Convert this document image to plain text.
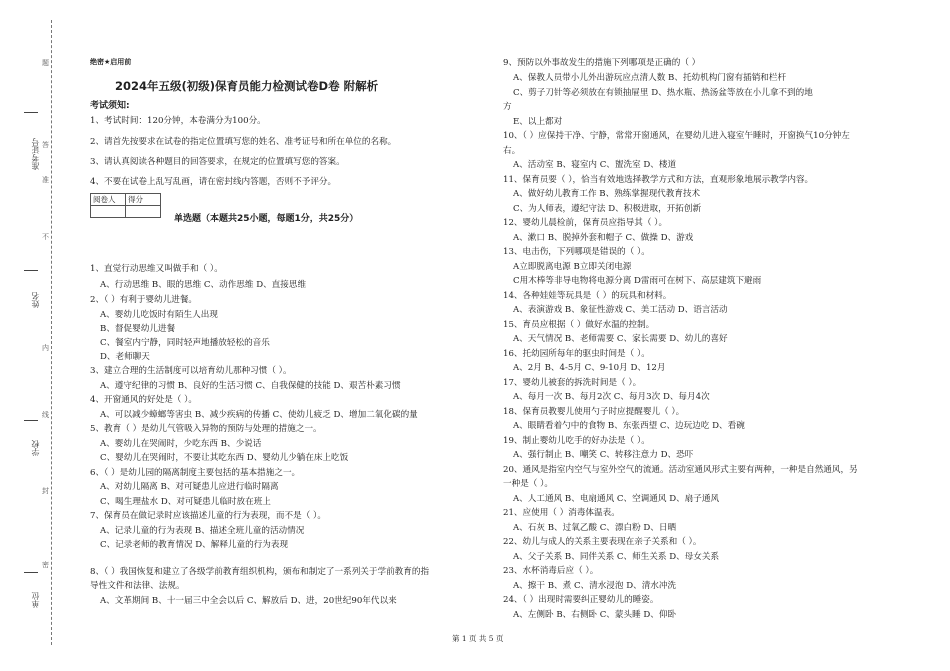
题
答
准
不
内
线
封
密
准考证号
姓名
学校
单位
绝密★启用前
2024年五级(初级)保育员能力检测试卷D卷 附解析
考试须知:
1、考试时间：120分钟，本卷满分为100分。
2、请首先按要求在试卷的指定位置填写您的姓名、准考证号和所在单位的名称。
3、请认真阅读各种题目的回答要求，在规定的位置填写您的答案。
4、不要在试卷上乱写乱画，请在密封线内答题，否则不予评分。
阅卷人	得分

单选题（本题共25小题，每题1分，共25分）
1、直觉行动思维又叫做手和（ ）。
A、行动思维 B、眼的思维 C、动作思维 D、直接思维
2、（ ）有利于婴幼儿进餐。
A、婴幼儿吃饭时有陌生人出现
B、督促婴幼儿进餐
C、餐室内宁静，同时轻声地播放轻松的音乐
D、老师聊天
3、建立合理的生活制度可以培育幼儿那种习惯（ ）。
A、遵守纪律的习惯 B、良好的生活习惯 C、自我保健的技能 D、艰苦朴素习惯
4、开窗通风的好处是（ ）。
A、可以减少蟑螂等害虫 B、减少疾病的传播 C、使幼儿疲乏 D、增加二氧化碳的量
5、教育（ ）是幼儿气管吸入异物的预防与处理的措施之一。
A、婴幼儿在哭闹时，少吃东西 B、少说话
C、婴幼儿在哭闹时，不要让其吃东西 D、婴幼儿少躺在床上吃饭
6、（ ）是幼儿园的隔离制度主要包括的基本措施之一。
A、对幼儿隔离 B、对可疑患儿应进行临时隔离
C、喝生理盐水 D、对可疑患儿临时放在班上
7、保育员在做记录时应该描述儿童的行为表现，而不是（ ）。
A、记录儿童的行为表现 B、描述全班儿童的活动情况
C、记录老师的教育情况 D、解释儿童的行为表现
8、（ ）我国恢复和建立了各级学前教育组织机构，颁布和制定了一系列关于学前教育的指
导性文件和法律、法规。
A、文革期间 B、十一届三中全会以后 C、解放后 D、进，20世纪90年代以来
9、预防以外事故发生的措施下列哪项是正确的（ ）
A、保教人员带小儿外出游玩应点清人数 B、托幼机构门窗有插销和栏杆
C、剪子刀针等必须放在有锁抽屉里 D、热水瓶、热汤盆等放在小儿拿不到的地
方
E、以上都对
10、（ ）应保持干净、宁静，常常开窗通风，在婴幼儿进入寝室午睡时，开窗换气10分钟左
右。
A、活动室 B、寝室内 C、盥洗室 D、楼道
11、保育员要（ ），恰当有效地选择教学方式和方法，直观形象地展示教学内容。
A、做好幼儿教育工作 B、熟练掌握现代教育技术
C、为人师表，遵纪守法 D、积极进取，开拓创新
12、婴幼儿晨检前，保育员应指导其（ ）。
A、漱口 B、脱掉外套和帽子 C、做操 D、游戏
13、电击伤，下列哪项是错误的（ ）。
A立即脱离电源 B立即关闭电源
C用木棒等非导电物将电源分离 D雷雨可在树下、高层建筑下避雨
14、各种娃娃等玩具是（ ）的玩具和材料。
A、表演游戏 B、象征性游戏 C、美工活动 D、语言活动
15、育员应根据（ ）做好水温的控制。
A、天气情况 B、老师需要 C、家长需要 D、幼儿的喜好
16、托幼园所每年的驱虫时间是（ ）。
A、2月 B、4-5月 C、9-10月 D、12月
17、婴幼儿被套的拆洗时间是（ ）。
A、每月一次 B、每月2次 C、每月3次 D、每月4次
18、保育员教婴儿使用勺子时应提醒婴儿（ ）。
A、眼睛看着勺中的食物 B、东张西望 C、边玩边吃 D、看碗
19、制止婴幼儿吃手的好办法是（ ）。
A、强行制止 B、嘲笑 C、转移注意力 D、恐吓
20、通风是指室内空气与室外空气的流通。活动室通风形式主要有两种，一种是自然通风，另
一种是（ ）。
A、人工通风 B、电扇通风 C、空调通风 D、扇子通风
21、应使用（ ）消毒体温表。
A、石灰 B、过氧乙酸 C、漂白粉 D、日晒
22、幼儿与成人的关系主要表现在亲子关系和（ ）。
A、父子关系 B、同伴关系 C、师生关系 D、母女关系
23、水杯消毒后应（ ）。
A、擦干 B、煮 C、清水浸泡 D、清水冲洗
24、（ ）出现时需要纠正婴幼儿的睡姿。
A、左侧卧 B、右侧卧 C、蒙头睡 D、仰卧
第 1 页 共 5 页
